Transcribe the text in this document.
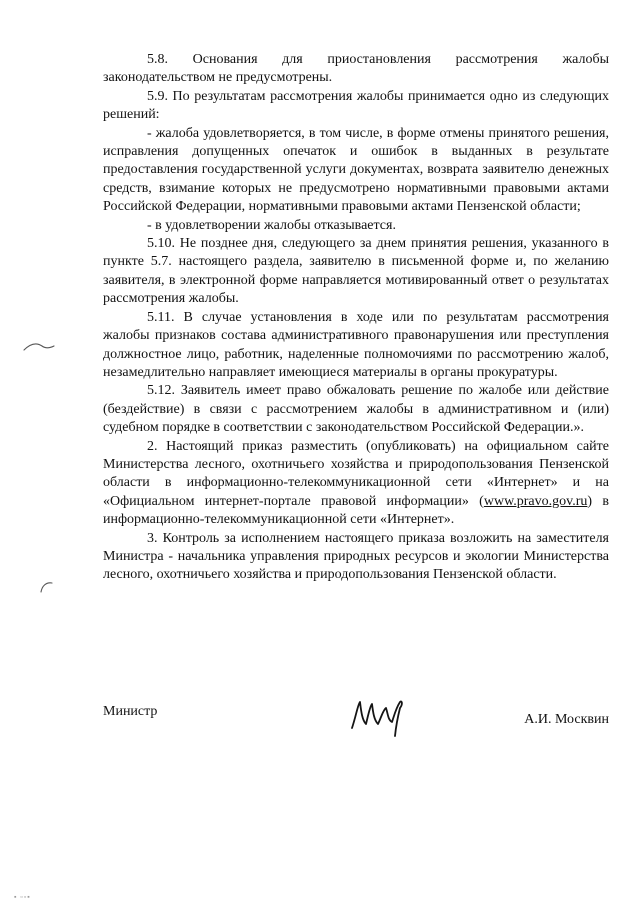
5.8. Основания для приостановления рассмотрения жалобы законодательством не предусмотрены.

5.9. По результатам рассмотрения жалобы принимается одно из следующих решений:

- жалоба удовлетворяется, в том числе, в форме отмены принятого решения, исправления допущенных опечаток и ошибок в выданных в результате предоставления государственной услуги документах, возврата заявителю денежных средств, взимание которых не предусмотрено нормативными правовыми актами Российской Федерации, нормативными правовыми актами Пензенской области;

- в удовлетворении жалобы отказывается.

5.10. Не позднее дня, следующего за днем принятия решения, указанного в пункте 5.7. настоящего раздела, заявителю в письменной форме и, по желанию заявителя, в электронной форме направляется мотивированный ответ о результатах рассмотрения жалобы.

5.11. В случае установления в ходе или по результатам рассмотрения жалобы признаков состава административного правонарушения или преступления должностное лицо, работник, наделенные полномочиями по рассмотрению жалоб, незамедлительно направляет имеющиеся материалы в органы прокуратуры.

5.12. Заявитель имеет право обжаловать решение по жалобе или действие (бездействие) в связи с рассмотрением жалобы в административном и (или) судебном порядке в соответствии с законодательством Российской Федерации.».

2. Настоящий приказ разместить (опубликовать) на официальном сайте Министерства лесного, охотничьего хозяйства и природопользования Пензенской области в информационно-телекоммуникационной сети «Интернет» и на «Официальном интернет-портале правовой информации» (www.pravo.gov.ru) в информационно-телекоммуникационной сети «Интернет».

3. Контроль за исполнением настоящего приказа возложить на заместителя Министра - начальника управления природных ресурсов и экологии Министерства лесного, охотничьего хозяйства и природопользования Пензенской области.

Министр
А.И. Москвин
▪ ▫▫▪
